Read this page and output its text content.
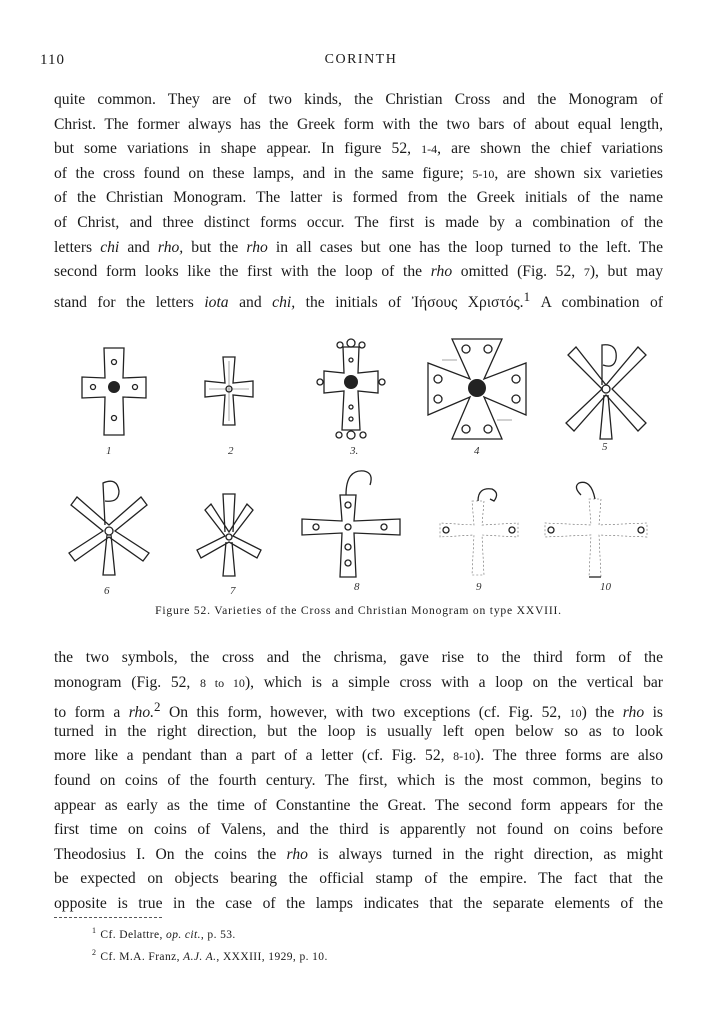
110	CORINTH
quite common. They are of two kinds, the Christian Cross and the Monogram of
Christ. The former always has the Greek form with the two bars of about equal length,
but some variations in shape appear. In figure 52, 1-4, are shown the chief variations
of the cross found on these lamps, and in the same figure; 5-10, are shown six varieties
of the Christian Monogram. The latter is formed from the Greek initials of the name
of Christ, and three distinct forms occur. The first is made by a combination of the
letters chi and rho, but the rho in all cases but one has the loop turned to the left. The
second form looks like the first with the loop of the rho omitted (Fig. 52, 7), but may
stand for the letters iota and chi, the initials of Ἰήσους Χριστός.$^1$ A combination of
1	2	3.	4	5
6	7	8	9	10
Figure 52. Varieties of the Cross and Christian Monogram on type XXVIII.
the two symbols, the cross and the chrisma, gave rise to the third form of the
monogram (Fig. 52, 8 to 10), which is a simple cross with a loop on the vertical bar
to form a rho.$^2$ On this form, however, with two exceptions (cf. Fig. 52, 10) the rho is
turned in the right direction, but the loop is usually left open below so as to look
more like a pendant than a part of a letter (cf. Fig. 52, 8-10). The three forms are also
found on coins of the fourth century. The first, which is the most common, begins to
appear as early as the time of Constantine the Great. The second form appears for the
first time on coins of Valens, and the third is apparently not found on coins before
Theodosius I. On the coins the rho is always turned in the right direction, as might
be expected on objects bearing the official stamp of the empire. The fact that the
opposite is true in the case of the lamps indicates that the separate elements of the
$^1$ Cf. Delattre, op. cit., p. 53.
$^2$ Cf. M.A. Franz, A.J. A., XXXIII, 1929, p. 10.
